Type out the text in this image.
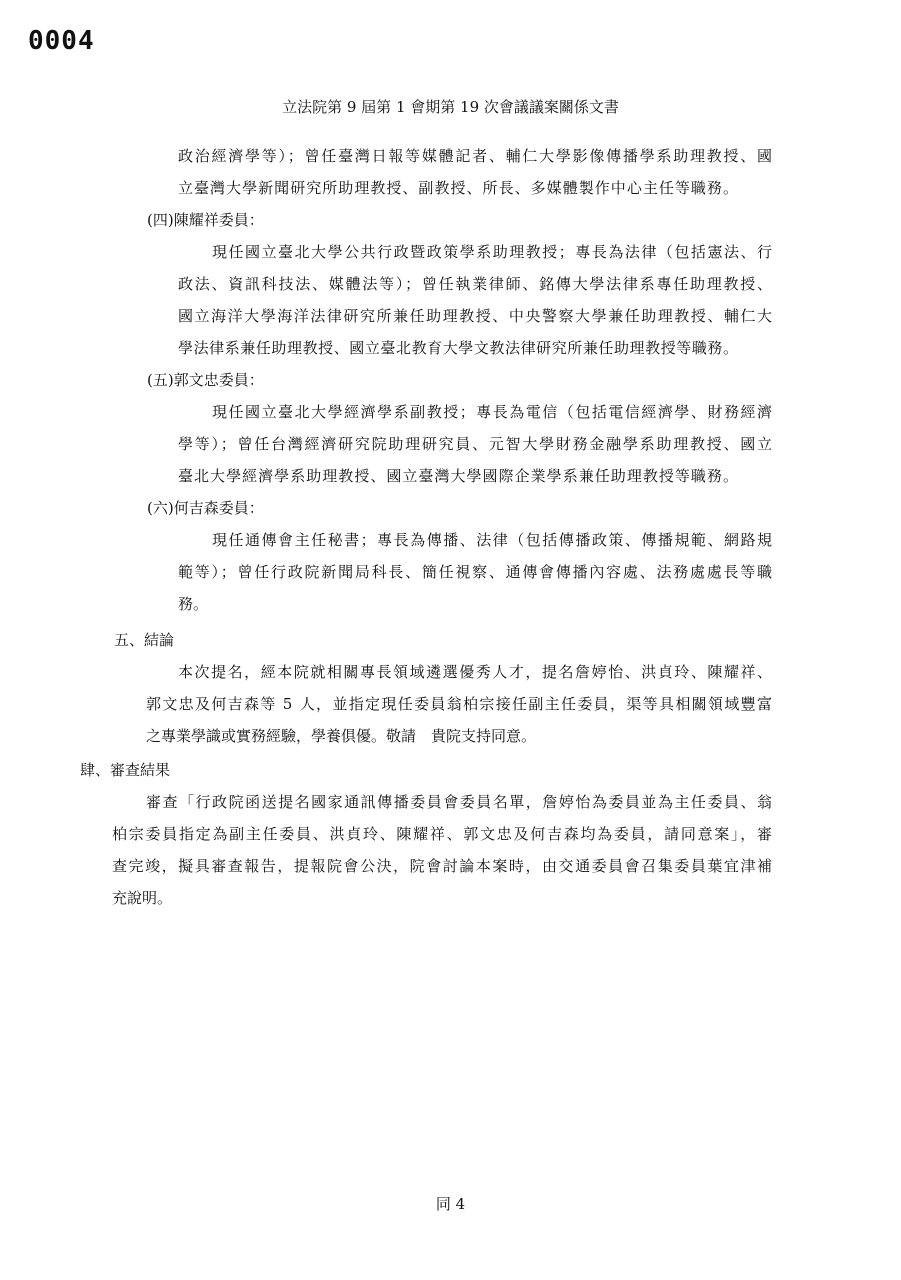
0004
立法院第 9 屆第 1 會期第 19 次會議議案關係文書
政治經濟學等）；曾任臺灣日報等媒體記者、輔仁大學影像傳播學系助理教授、國
立臺灣大學新聞研究所助理教授、副教授、所長、多媒體製作中心主任等職務。
(四)陳耀祥委員：
現任國立臺北大學公共行政暨政策學系助理教授；專長為法律（包括憲法、行
政法、資訊科技法、媒體法等）；曾任執業律師、銘傳大學法律系專任助理教授、
國立海洋大學海洋法律研究所兼任助理教授、中央警察大學兼任助理教授、輔仁大
學法律系兼任助理教授、國立臺北教育大學文教法律研究所兼任助理教授等職務。
(五)郭文忠委員：
現任國立臺北大學經濟學系副教授；專長為電信（包括電信經濟學、財務經濟
學等）；曾任台灣經濟研究院助理研究員、元智大學財務金融學系助理教授、國立
臺北大學經濟學系助理教授、國立臺灣大學國際企業學系兼任助理教授等職務。
(六)何吉森委員：
現任通傳會主任秘書；專長為傳播、法律（包括傳播政策、傳播規範、網路規
範等）；曾任行政院新聞局科長、簡任視察、通傳會傳播內容處、法務處處長等職
務。
五、結論
本次提名，經本院就相關專長領域遴選優秀人才，提名詹婷怡、洪貞玲、陳耀祥、
郭文忠及何吉森等 5 人，並指定現任委員翁柏宗接任副主任委員，渠等具相關領域豐富
之專業學識或實務經驗，學養俱優。敬請　貴院支持同意。
肆、審查結果
審查「行政院函送提名國家通訊傳播委員會委員名單，詹婷怡為委員並為主任委員、翁
柏宗委員指定為副主任委員、洪貞玲、陳耀祥、郭文忠及何吉森均為委員，請同意案」，審
查完竣，擬具審查報告，提報院會公決，院會討論本案時，由交通委員會召集委員葉宜津補
充說明。
同 4
